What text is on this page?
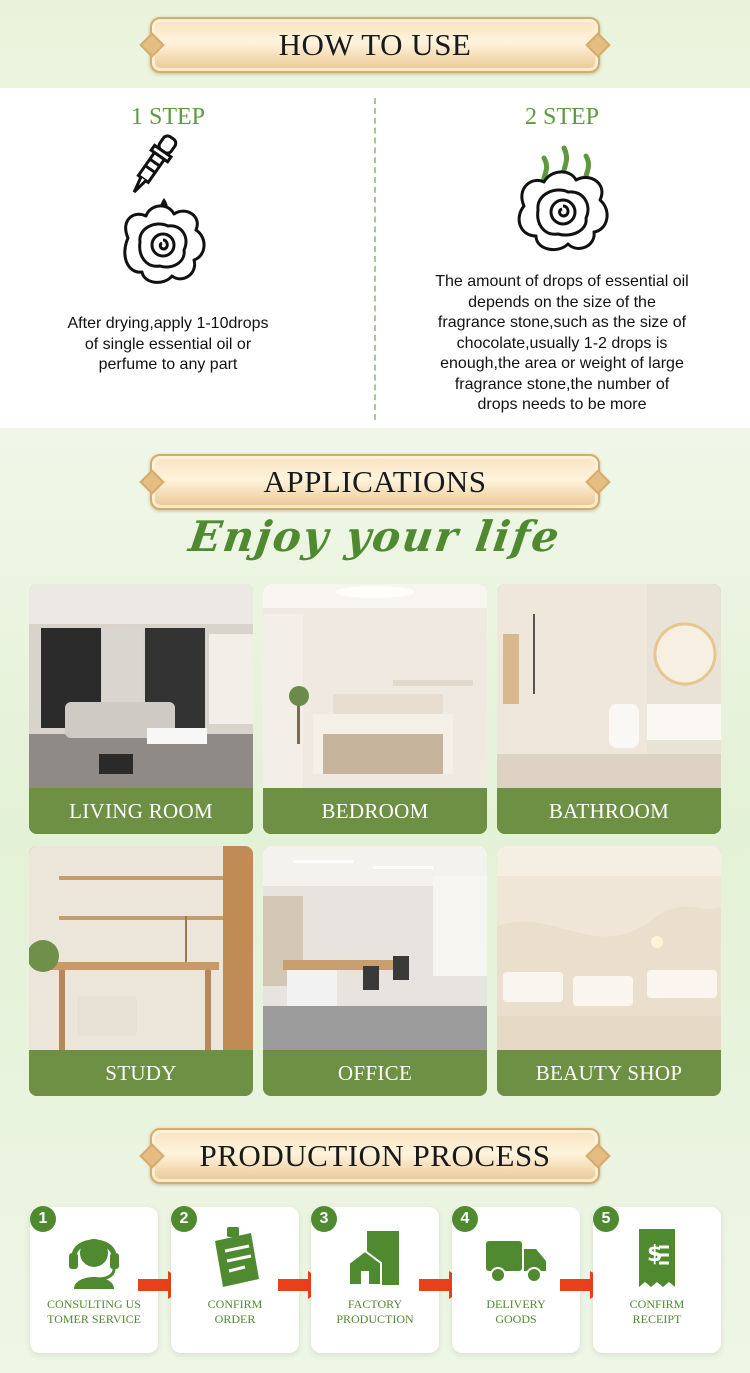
HOW TO USE
1 STEP
After drying,apply 1-10drops
of single essential oil or
perfume to any part
2 STEP
The amount of drops of essential oil
depends on the size of the
fragrance stone,such as the size of
chocolate,usually 1-2 drops is
enough,the area or weight of large
fragrance stone,the number of
drops needs to be more
APPLICATIONS
Enjoy your life
LIVING ROOM	BEDROOM	BATHROOM
STUDY	OFFICE	BEAUTY SHOP
PRODUCTION PROCESS
CONSULTING US
TOMER SERVICE
1
CONFIRM
ORDER
2
FACTORY
PRODUCTION
3
DELIVERY
GOODS
4
$
CONFIRM
RECEIPT
5
